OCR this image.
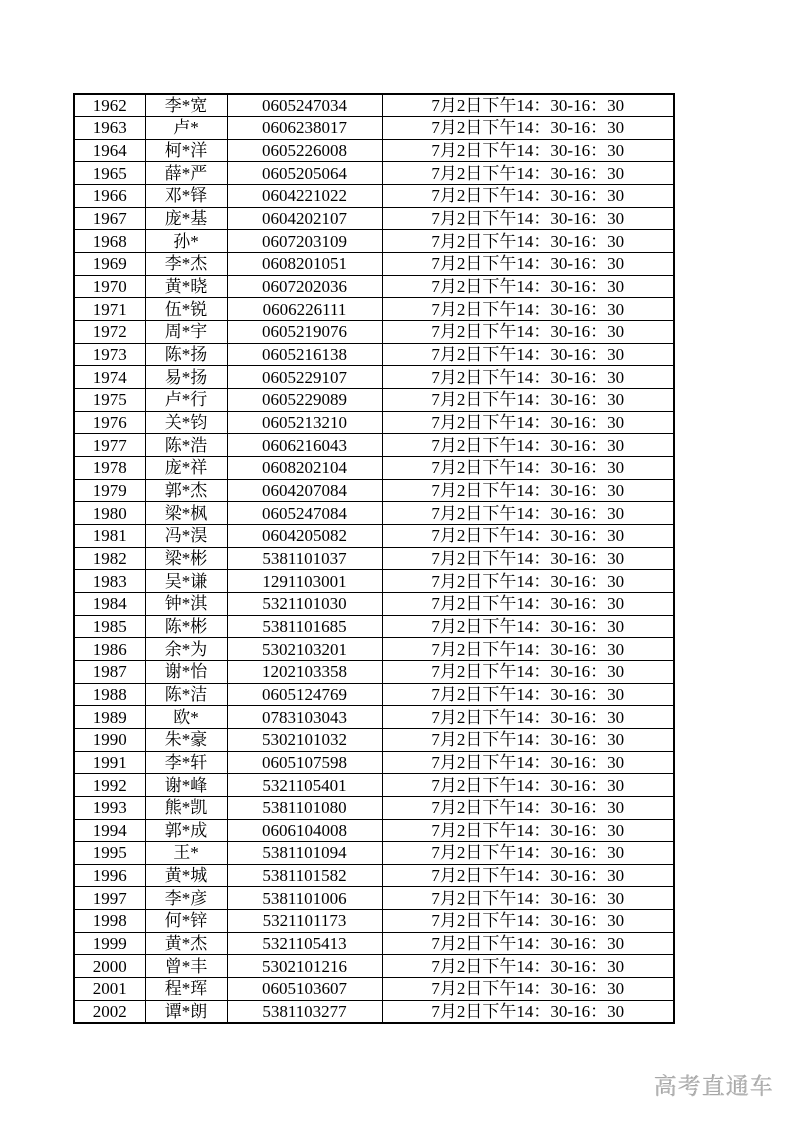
1962	李*宽	0605247034	7月2日下午14：30-16：30
1963	卢*	0606238017	7月2日下午14：30-16：30
1964	柯*洋	0605226008	7月2日下午14：30-16：30
1965	薛*严	0605205064	7月2日下午14：30-16：30
1966	邓*铎	0604221022	7月2日下午14：30-16：30
1967	庞*基	0604202107	7月2日下午14：30-16：30
1968	孙*	0607203109	7月2日下午14：30-16：30
1969	李*杰	0608201051	7月2日下午14：30-16：30
1970	黄*晓	0607202036	7月2日下午14：30-16：30
1971	伍*锐	0606226111	7月2日下午14：30-16：30
1972	周*宇	0605219076	7月2日下午14：30-16：30
1973	陈*扬	0605216138	7月2日下午14：30-16：30
1974	易*扬	0605229107	7月2日下午14：30-16：30
1975	卢*行	0605229089	7月2日下午14：30-16：30
1976	关*钧	0605213210	7月2日下午14：30-16：30
1977	陈*浩	0606216043	7月2日下午14：30-16：30
1978	庞*祥	0608202104	7月2日下午14：30-16：30
1979	郭*杰	0604207084	7月2日下午14：30-16：30
1980	梁*枫	0605247084	7月2日下午14：30-16：30
1981	冯*淏	0604205082	7月2日下午14：30-16：30
1982	梁*彬	5381101037	7月2日下午14：30-16：30
1983	吴*谦	1291103001	7月2日下午14：30-16：30
1984	钟*淇	5321101030	7月2日下午14：30-16：30
1985	陈*彬	5381101685	7月2日下午14：30-16：30
1986	余*为	5302103201	7月2日下午14：30-16：30
1987	谢*怡	1202103358	7月2日下午14：30-16：30
1988	陈*洁	0605124769	7月2日下午14：30-16：30
1989	欧*	0783103043	7月2日下午14：30-16：30
1990	朱*豪	5302101032	7月2日下午14：30-16：30
1991	李*轩	0605107598	7月2日下午14：30-16：30
1992	谢*峰	5321105401	7月2日下午14：30-16：30
1993	熊*凯	5381101080	7月2日下午14：30-16：30
1994	郭*成	0606104008	7月2日下午14：30-16：30
1995	王*	5381101094	7月2日下午14：30-16：30
1996	黄*城	5381101582	7月2日下午14：30-16：30
1997	李*彦	5381101006	7月2日下午14：30-16：30
1998	何*锌	5321101173	7月2日下午14：30-16：30
1999	黄*杰	5321105413	7月2日下午14：30-16：30
2000	曾*丰	5302101216	7月2日下午14：30-16：30
2001	程*珲	0605103607	7月2日下午14：30-16：30
2002	谭*朗	5381103277	7月2日下午14：30-16：30
高考直通车
